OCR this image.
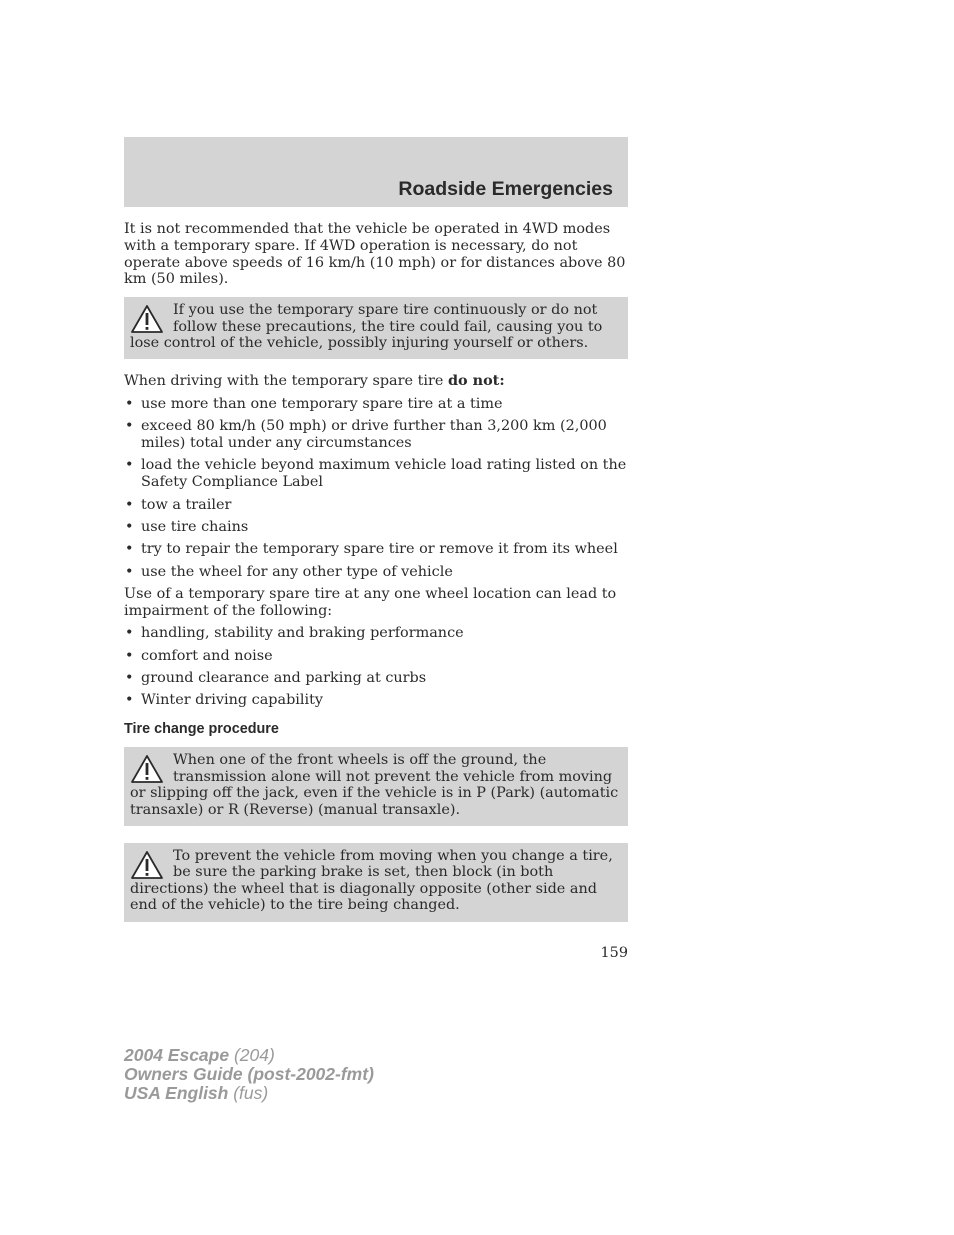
Roadside Emergencies

It is not recommended that the vehicle be operated in 4WD modes with a temporary spare. If 4WD operation is necessary, do not operate above speeds of 16 km/h (10 mph) or for distances above 80 km (50 miles).

If you use the temporary spare tire continuously or do not follow these precautions, the tire could fail, causing you to lose control of the vehicle, possibly injuring yourself or others.

When driving with the temporary spare tire do not:

• use more than one temporary spare tire at a time
• exceed 80 km/h (50 mph) or drive further than 3,200 km (2,000 miles) total under any circumstances
• load the vehicle beyond maximum vehicle load rating listed on the Safety Compliance Label
• tow a trailer
• use tire chains
• try to repair the temporary spare tire or remove it from its wheel
• use the wheel for any other type of vehicle

Use of a temporary spare tire at any one wheel location can lead to impairment of the following:

• handling, stability and braking performance
• comfort and noise
• ground clearance and parking at curbs
• Winter driving capability
Tire change procedure
When one of the front wheels is off the ground, the transmission alone will not prevent the vehicle from moving or slipping off the jack, even if the vehicle is in P (Park) (automatic transaxle) or R (Reverse) (manual transaxle).
To prevent the vehicle from moving when you change a tire, be sure the parking brake is set, then block (in both directions) the wheel that is diagonally opposite (other side and end of the vehicle) to the tire being changed.
159
2004 Escape (204)
Owners Guide (post-2002-fmt)
USA English (fus)
